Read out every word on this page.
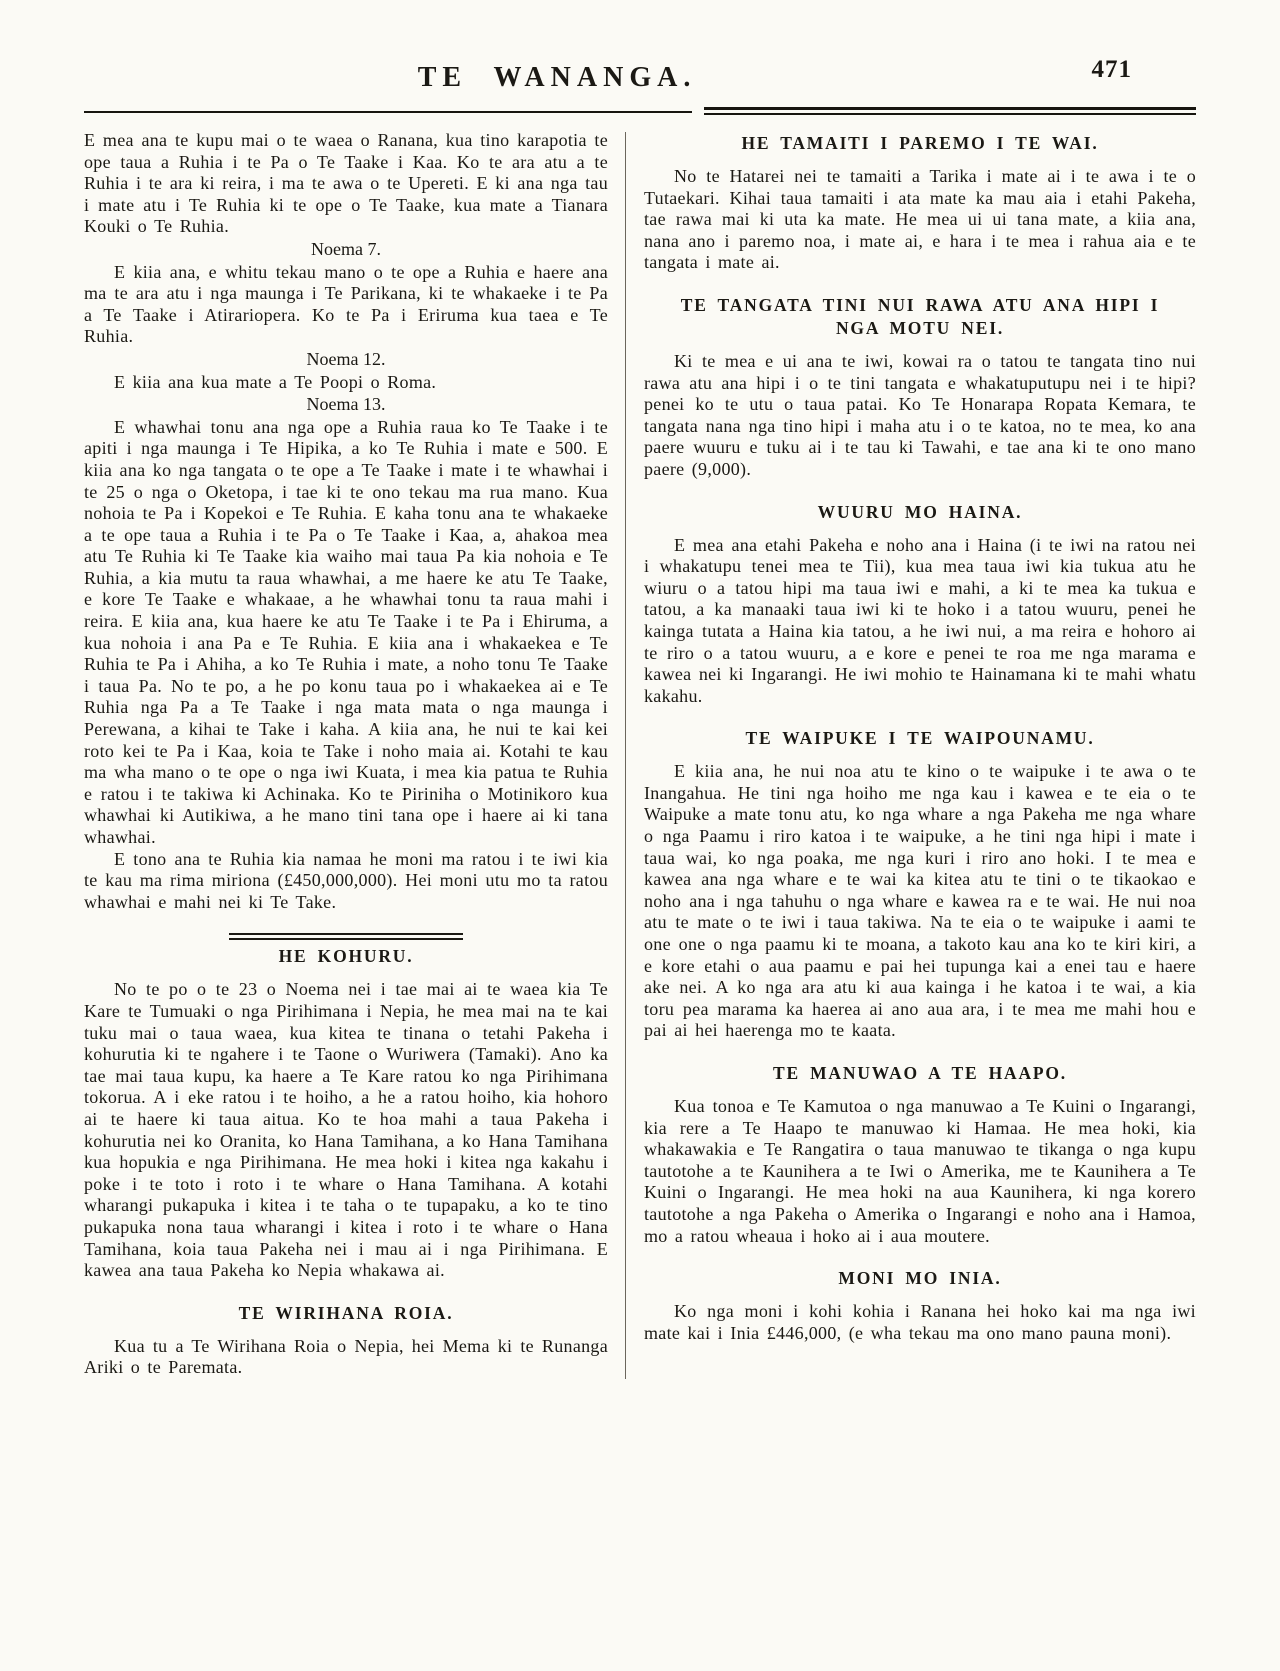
TE WANANGA.	471

E mea ana te kupu mai o te waea o Ranana, kua tino karapotia te ope taua a Ruhia i te Pa o Te Taake i Kaa. Ko te ara atu a te Ruhia i te ara ki reira, i ma te awa o te Upereti. E ki ana nga tau i mate atu i Te Ruhia ki te ope o Te Taake, kua mate a Tianara Kouki o Te Ruhia.

Noema 7.

E kiia ana, e whitu tekau mano o te ope a Ruhia e haere ana ma te ara atu i nga maunga i Te Parikana, ki te whakaeke i te Pa a Te Taake i Atirariopera. Ko te Pa i Eriruma kua taea e Te Ruhia.

Noema 12.

E kiia ana kua mate a Te Poopi o Roma.

Noema 13.

E whawhai tonu ana nga ope a Ruhia raua ko Te Taake i te apiti i nga maunga i Te Hipika, a ko Te Ruhia i mate e 500. E kiia ana ko nga tangata o te ope a Te Taake i mate i te whawhai i te 25 o nga o Oketopa, i tae ki te ono tekau ma rua mano. Kua nohoia te Pa i Kopekoi e Te Ruhia. E kaha tonu ana te whakaeke a te ope taua a Ruhia i te Pa o Te Taake i Kaa, a, ahakoa mea atu Te Ruhia ki Te Taake kia waiho mai taua Pa kia nohoia e Te Ruhia, a kia mutu ta raua whawhai, a me haere ke atu Te Taake, e kore Te Taake e whakaae, a he whawhai tonu ta raua mahi i reira. E kiia ana, kua haere ke atu Te Taake i te Pa i Ehiruma, a kua nohoia i ana Pa e Te Ruhia. E kiia ana i whakaekea e Te Ruhia te Pa i Ahiha, a ko Te Ruhia i mate, a noho tonu Te Taake i taua Pa. No te po, a he po konu taua po i whakaekea ai e Te Ruhia nga Pa a Te Taake i nga mata mata o nga maunga i Perewana, a kihai te Take i kaha. A kiia ana, he nui te kai kei roto kei te Pa i Kaa, koia te Take i noho maia ai. Kotahi te kau ma wha mano o te ope o nga iwi Kuata, i mea kia patua te Ruhia e ratou i te takiwa ki Achinaka. Ko te Piriniha o Motinikoro kua whawhai ki Autikiwa, a he mano tini tana ope i haere ai ki tana whawhai.

E tono ana te Ruhia kia namaa he moni ma ratou i te iwi kia te kau ma rima miriona (£450,000,000). Hei moni utu mo ta ratou whawhai e mahi nei ki Te Take.

HE KOHURU.

No te po o te 23 o Noema nei i tae mai ai te waea kia Te Kare te Tumuaki o nga Pirihimana i Nepia, he mea mai na te kai tuku mai o taua waea, kua kitea te tinana o tetahi Pakeha i kohurutia ki te ngahere i te Taone o Wuriwera (Tamaki). Ano ka tae mai taua kupu, ka haere a Te Kare ratou ko nga Pirihimana tokorua. A i eke ratou i te hoiho, a he a ratou hoiho, kia hohoro ai te haere ki taua aitua. Ko te hoa mahi a taua Pakeha i kohurutia nei ko Oranita, ko Hana Tamihana, a ko Hana Tamihana kua hopukia e nga Pirihimana. He mea hoki i kitea nga kakahu i poke i te toto i roto i te whare o Hana Tamihana. A kotahi wharangi pukapuka i kitea i te taha o te tupapaku, a ko te tino pukapuka nona taua wharangi i kitea i roto i te whare o Hana Tamihana, koia taua Pakeha nei i mau ai i nga Pirihimana. E kawea ana taua Pakeha ko Nepia whakawa ai.

TE WIRIHANA ROIA.

Kua tu a Te Wirihana Roia o Nepia, hei Mema ki te Runanga Ariki o te Paremata.

HE TAMAITI I PAREMO I TE WAI.

No te Hatarei nei te tamaiti a Tarika i mate ai i te awa i te o Tutaekari. Kihai taua tamaiti i ata mate ka mau aia i etahi Pakeha, tae rawa mai ki uta ka mate. He mea ui ui tana mate, a kiia ana, nana ano i paremo noa, i mate ai, e hara i te mea i rahua aia e te tangata i mate ai.

TE TANGATA TINI NUI RAWA ATU ANA HIPI I NGA MOTU NEI.

Ki te mea e ui ana te iwi, kowai ra o tatou te tangata tino nui rawa atu ana hipi i o te tini tangata e whakatuputupu nei i te hipi? penei ko te utu o taua patai. Ko Te Honarapa Ropata Kemara, te tangata nana nga tino hipi i maha atu i o te katoa, no te mea, ko ana paere wuuru e tuku ai i te tau ki Tawahi, e tae ana ki te ono mano paere (9,000).

WUURU MO HAINA.

E mea ana etahi Pakeha e noho ana i Haina (i te iwi na ratou nei i whakatupu tenei mea te Tii), kua mea taua iwi kia tukua atu he wiuru o a tatou hipi ma taua iwi e mahi, a ki te mea ka tukua e tatou, a ka manaaki taua iwi ki te hoko i a tatou wuuru, penei he kainga tutata a Haina kia tatou, a he iwi nui, a ma reira e hohoro ai te riro o a tatou wuuru, a e kore e penei te roa me nga marama e kawea nei ki Ingarangi. He iwi mohio te Hainamana ki te mahi whatu kakahu.

TE WAIPUKE I TE WAIPOUNAMU.

E kiia ana, he nui noa atu te kino o te waipuke i te awa o te Inangahua. He tini nga hoiho me nga kau i kawea e te eia o te Waipuke a mate tonu atu, ko nga whare a nga Pakeha me nga whare o nga Paamu i riro katoa i te waipuke, a he tini nga hipi i mate i taua wai, ko nga poaka, me nga kuri i riro ano hoki. I te mea e kawea ana nga whare e te wai ka kitea atu te tini o te tikaokao e noho ana i nga tahuhu o nga whare e kawea ra e te wai. He nui noa atu te mate o te iwi i taua takiwa. Na te eia o te waipuke i aami te one one o nga paamu ki te moana, a takoto kau ana ko te kiri kiri, a e kore etahi o aua paamu e pai hei tupunga kai a enei tau e haere ake nei. A ko nga ara atu ki aua kainga i he katoa i te wai, a kia toru pea marama ka haerea ai ano aua ara, i te mea me mahi hou e pai ai hei haerenga mo te kaata.

TE MANUWAO A TE HAAPO.

Kua tonoa e Te Kamutoa o nga manuwao a Te Kuini o Ingarangi, kia rere a Te Haapo te manuwao ki Hamaa. He mea hoki, kia whakawakia e Te Rangatira o taua manuwao te tikanga o nga kupu tautotohe a te Kaunihera a te Iwi o Amerika, me te Kaunihera a Te Kuini o Ingarangi. He mea hoki na aua Kaunihera, ki nga korero tautotohe a nga Pakeha o Amerika o Ingarangi e noho ana i Hamoa, mo a ratou wheaua i hoko ai i aua moutere.

MONI MO INIA.

Ko nga moni i kohi kohia i Ranana hei hoko kai ma nga iwi mate kai i Inia £446,000, (e wha tekau ma ono mano pauna moni).
